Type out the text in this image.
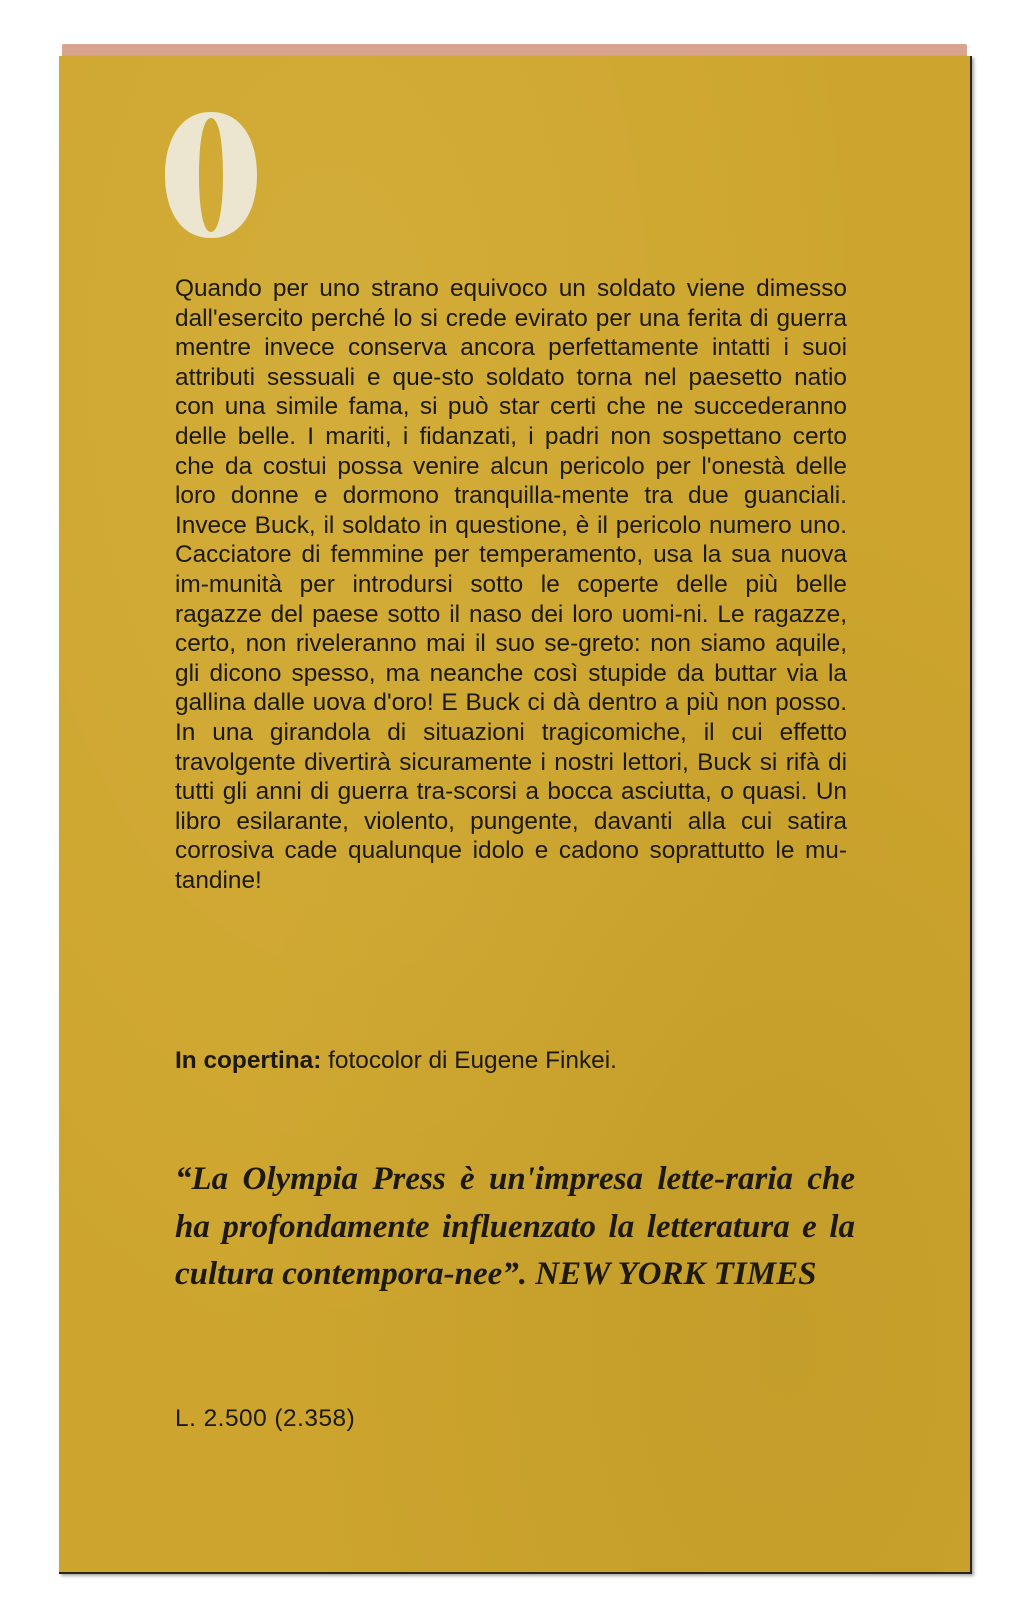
Quando per uno strano equivoco un soldato viene dimesso dall'esercito perché lo si crede evirato per una ferita di guerra mentre invece conserva ancora perfettamente intatti i suoi attributi sessuali e que-sto soldato torna nel paesetto natio con una simile fama, si può star certi che ne succederanno delle belle. I mariti, i fidanzati, i padri non sospettano certo che da costui possa venire alcun pericolo per l'onestà delle loro donne e dormono tranquilla-mente tra due guanciali. Invece Buck, il soldato in questione, è il pericolo numero uno. Cacciatore di femmine per temperamento, usa la sua nuova im-munità per introdursi sotto le coperte delle più belle ragazze del paese sotto il naso dei loro uomi-ni. Le ragazze, certo, non riveleranno mai il suo se-greto: non siamo aquile, gli dicono spesso, ma neanche così stupide da buttar via la gallina dalle uova d'oro! E Buck ci dà dentro a più non posso. In una girandola di situazioni tragicomiche, il cui effetto travolgente divertirà sicuramente i nostri lettori, Buck si rifà di tutti gli anni di guerra tra-scorsi a bocca asciutta, o quasi. Un libro esilarante, violento, pungente, davanti alla cui satira corrosiva cade qualunque idolo e cadono soprattutto le mu-tandine!

In copertina: fotocolor di Eugene Finkei.

“La Olympia Press è un'impresa lette-raria che ha profondamente influenzato la letteratura e la cultura contempora-nee”. NEW YORK TIMES

L. 2.500 (2.358)
